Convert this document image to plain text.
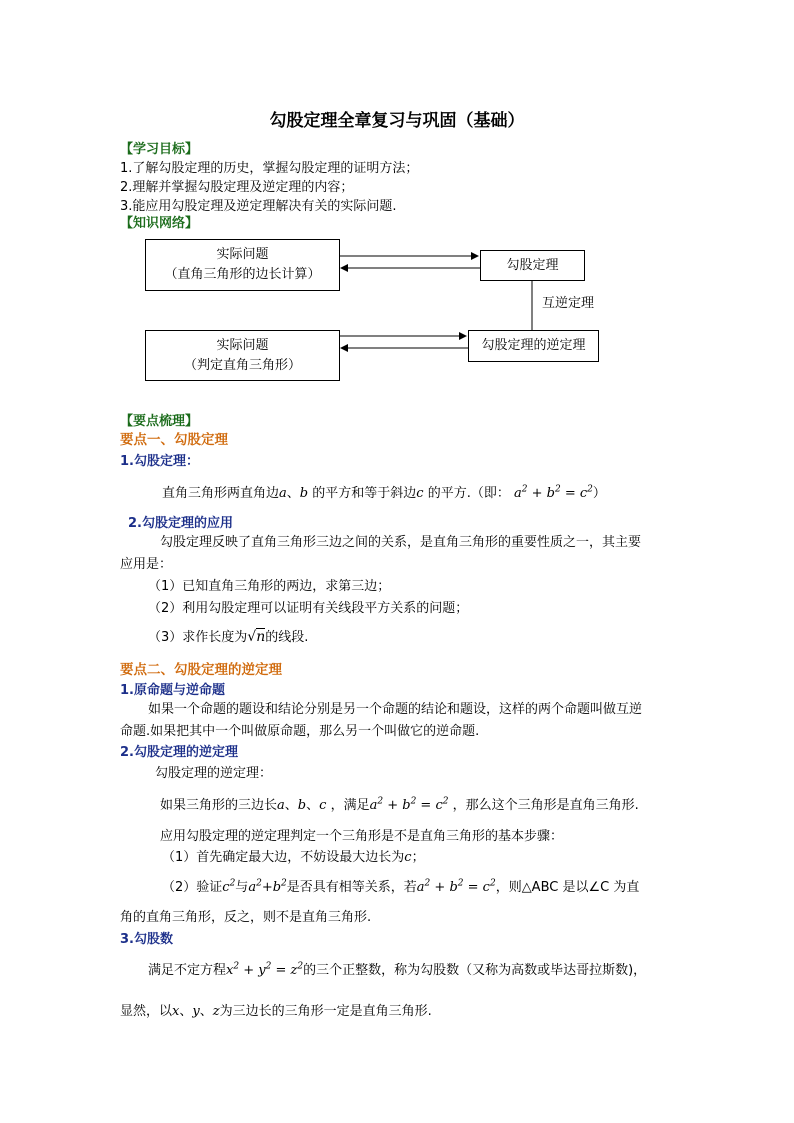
勾股定理全章复习与巩固（基础）
【学习目标】
1.了解勾股定理的历史，掌握勾股定理的证明方法；
2.理解并掌握勾股定理及逆定理的内容；
3.能应用勾股定理及逆定理解决有关的实际问题.
【知识网络】
实际问题
（直角三角形的边长计算）
勾股定理
实际问题
（判定直角三角形）
勾股定理的逆定理
互逆定理
【要点梳理】
要点一、勾股定理
1.勾股定理：
直角三角形两直角边a、b 的平方和等于斜边c 的平方.（即： $a^2 + b^2 = c^2$）
2.勾股定理的应用
勾股定理反映了直角三角形三边之间的关系，是直角三角形的重要性质之一，其主要
应用是：
（1）已知直角三角形的两边，求第三边；
（2）利用勾股定理可以证明有关线段平方关系的问题；
（3）求作长度为√n的线段.
要点二、勾股定理的逆定理
1.原命题与逆命题
如果一个命题的题设和结论分别是另一个命题的结论和题设，这样的两个命题叫做互逆
命题.如果把其中一个叫做原命题，那么另一个叫做它的逆命题.
2.勾股定理的逆定理
勾股定理的逆定理：
如果三角形的三边长a、b、c ，满足$a^2 + b^2 = c^2$ ，那么这个三角形是直角三角形.
应用勾股定理的逆定理判定一个三角形是不是直角三角形的基本步骤：
（1）首先确定最大边，不妨设最大边长为c；
（2）验证$c^2$与$a^2+b^2$是否具有相等关系，若$a^2 + b^2 = c^2$，则△ABC 是以∠C 为直
角的直角三角形，反之，则不是直角三角形.
3.勾股数
满足不定方程$x^2 + y^2 = z^2$的三个正整数，称为勾股数（又称为高数或毕达哥拉斯数)，
显然，以x、y、z为三边长的三角形一定是直角三角形.
